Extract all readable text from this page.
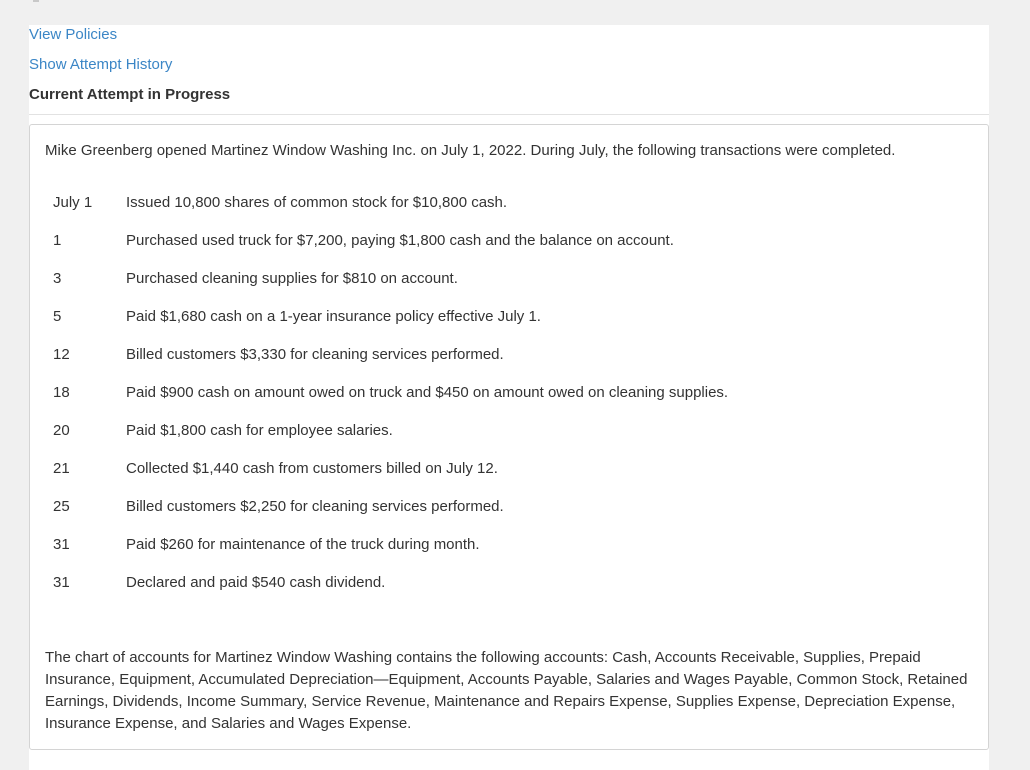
View Policies
Show Attempt History
Current Attempt in Progress
Mike Greenberg opened Martinez Window Washing Inc. on July 1, 2022. During July, the following transactions were completed.
July 1	Issued 10,800 shares of common stock for $10,800 cash.
1	Purchased used truck for $7,200, paying $1,800 cash and the balance on account.
3	Purchased cleaning supplies for $810 on account.
5	Paid $1,680 cash on a 1-year insurance policy effective July 1.
12	Billed customers $3,330 for cleaning services performed.
18	Paid $900 cash on amount owed on truck and $450 on amount owed on cleaning supplies.
20	Paid $1,800 cash for employee salaries.
21	Collected $1,440 cash from customers billed on July 12.
25	Billed customers $2,250 for cleaning services performed.
31	Paid $260 for maintenance of the truck during month.
31	Declared and paid $540 cash dividend.
The chart of accounts for Martinez Window Washing contains the following accounts: Cash, Accounts Receivable, Supplies, Prepaid Insurance, Equipment, Accumulated Depreciation—Equipment, Accounts Payable, Salaries and Wages Payable, Common Stock, Retained Earnings, Dividends, Income Summary, Service Revenue, Maintenance and Repairs Expense, Supplies Expense, Depreciation Expense, Insurance Expense, and Salaries and Wages Expense.
